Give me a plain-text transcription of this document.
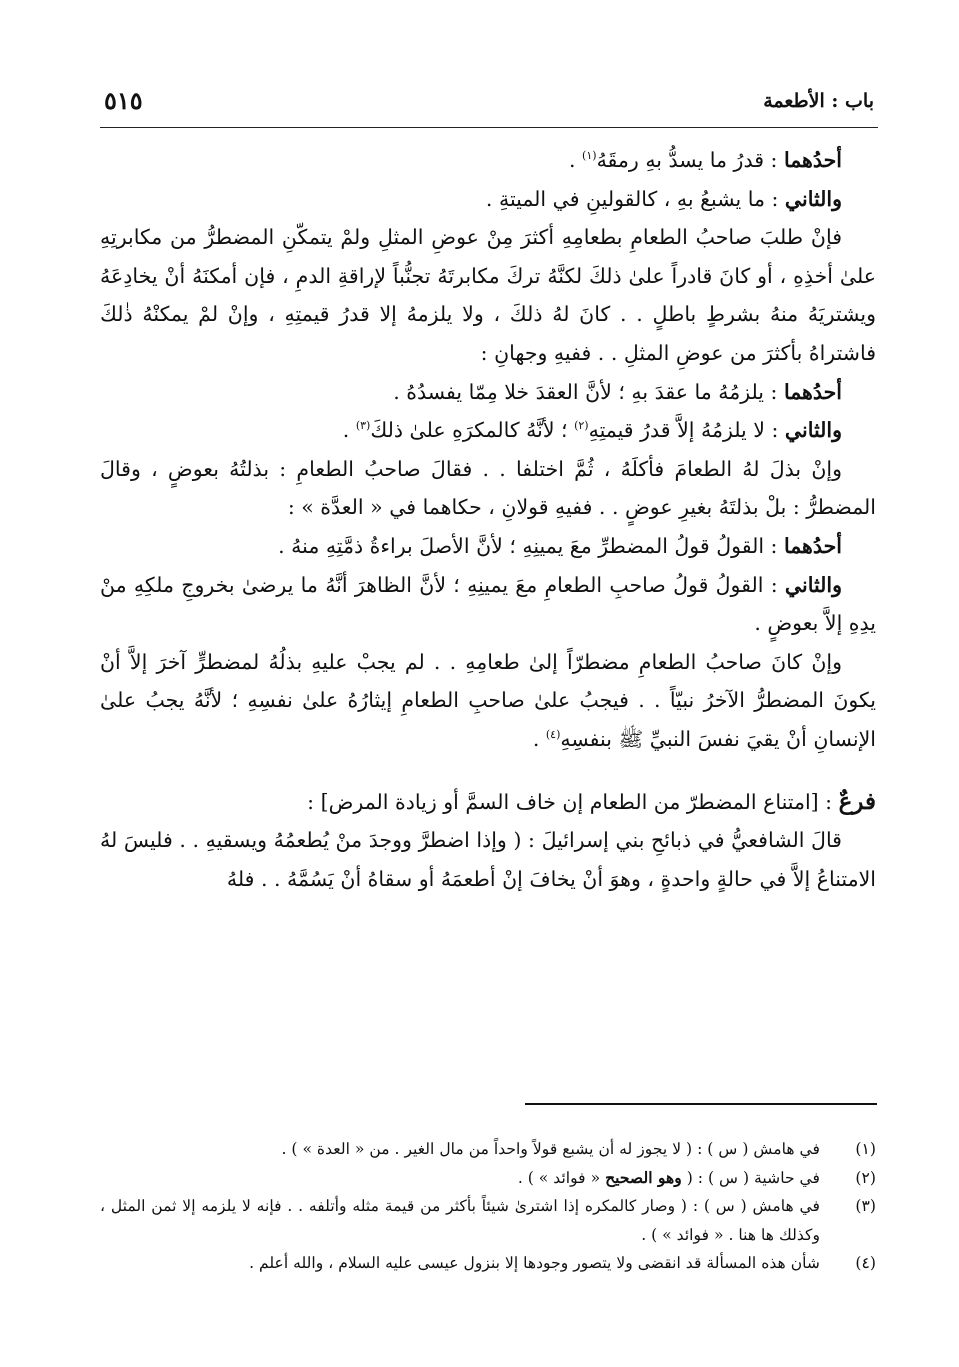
باب : الأطعمة
٥١٥

أحدُهما : قدرُ ما يسدُّ بهِ رمقَهُ$^{(١)}$ .

والثاني : ما يشبعُ بهِ ، كالقولينِ في الميتةِ .

فإنْ طلبَ صاحبُ الطعامِ بطعامِهِ أكثرَ مِنْ عوضِ المثلِ ولمْ يتمكّنِ المضطرُّ من مكابرتِهِ علىٰ أخذِهِ ، أو كانَ قادراً علىٰ ذلكَ لكنَّهُ تركَ مكابرتَهُ تجنُّباً لإراقةِ الدمِ ، فإن أمكنَهُ أنْ يخادِعَهُ ويشتريَهُ منهُ بشرطٍ باطلٍ . . كانَ لهُ ذلكَ ، ولا يلزمهُ إلا قدرُ قيمتِهِ ، وإنْ لمْ يمكنْهُ ذٰلكَ فاشتراهُ بأكثرَ من عوضِ المثلِ . . ففيهِ وجهانِ :

أحدُهما : يلزمُهُ ما عقدَ بهِ ؛ لأنَّ العقدَ خلا مِمّا يفسدُهُ .

والثاني : لا يلزمُهُ إلاَّ قدرُ قيمتِهِ$^{(٢)}$ ؛ لأنَّهُ كالمكرَهِ علىٰ ذلكَ$^{(٣)}$ .

وإنْ بذلَ لهُ الطعامَ فأكلَهُ ، ثُمَّ اختلفا . . فقالَ صاحبُ الطعامِ : بذلتُهُ بعوضٍ ، وقالَ المضطرُّ : بلْ بذلتَهُ بغيرِ عوضٍ . . ففيهِ قولانِ ، حكاهما في « العدَّة » :

أحدُهما : القولُ قولُ المضطرِّ معَ يمينِهِ ؛ لأنَّ الأصلَ براءةُ ذمَّتِهِ منهُ .

والثاني : القولُ قولُ صاحبِ الطعامِ معَ يمينِهِ ؛ لأنَّ الظاهرَ أنَّهُ ما يرضىٰ بخروجِ ملكِهِ منْ يدِهِ إلاَّ بعوضٍ .

وإنْ كانَ صاحبُ الطعامِ مضطرّاً إلىٰ طعامِهِ . . لم يجبْ عليهِ بذلُهُ لمضطرٍّ آخرَ إلاَّ أنْ يكونَ المضطرُّ الآخرُ نبيّاً . . فيجبُ علىٰ صاحبِ الطعامِ إيثارُهُ علىٰ نفسِهِ ؛ لأنَّهُ يجبُ علىٰ الإنسانِ أنْ يقيَ نفسَ النبيِّ ﷺ بنفسِهِ$^{(٤)}$ .

فرعٌ : [امتناع المضطرّ من الطعام إن خاف السمَّ أو زيادة المرض] :

قالَ الشافعيُّ في ذبائحِ بني إسرائيلَ : ( وإذا اضطرَّ ووجدَ منْ يُطعمُهُ ويسقيهِ . . فليسَ لهُ الامتناعُ إلاَّ في حالةٍ واحدةٍ ، وهوَ أنْ يخافَ إنْ أطعمَهُ أو سقاهُ أنْ يَسُمَّهُ . . فلهُ

(١)
في هامش ( س ) : ( لا يجوز له أن يشبع قولاً واحداً من مال الغير . من « العدة » ) .
(٢)
في حاشية ( س ) : ( وهو الصحيح « فوائد » ) .
(٣)
في هامش ( س ) : ( وصار كالمكره إذا اشترىٰ شيئاً بأكثر من قيمة مثله وأتلفه . . فإنه لا يلزمه إلا ثمن المثل ، وكذلك ها هنا . « فوائد » ) .
(٤)
شأن هذه المسألة قد انقضى ولا يتصور وجودها إلا بنزول عيسى عليه السلام ، والله أعلم .
